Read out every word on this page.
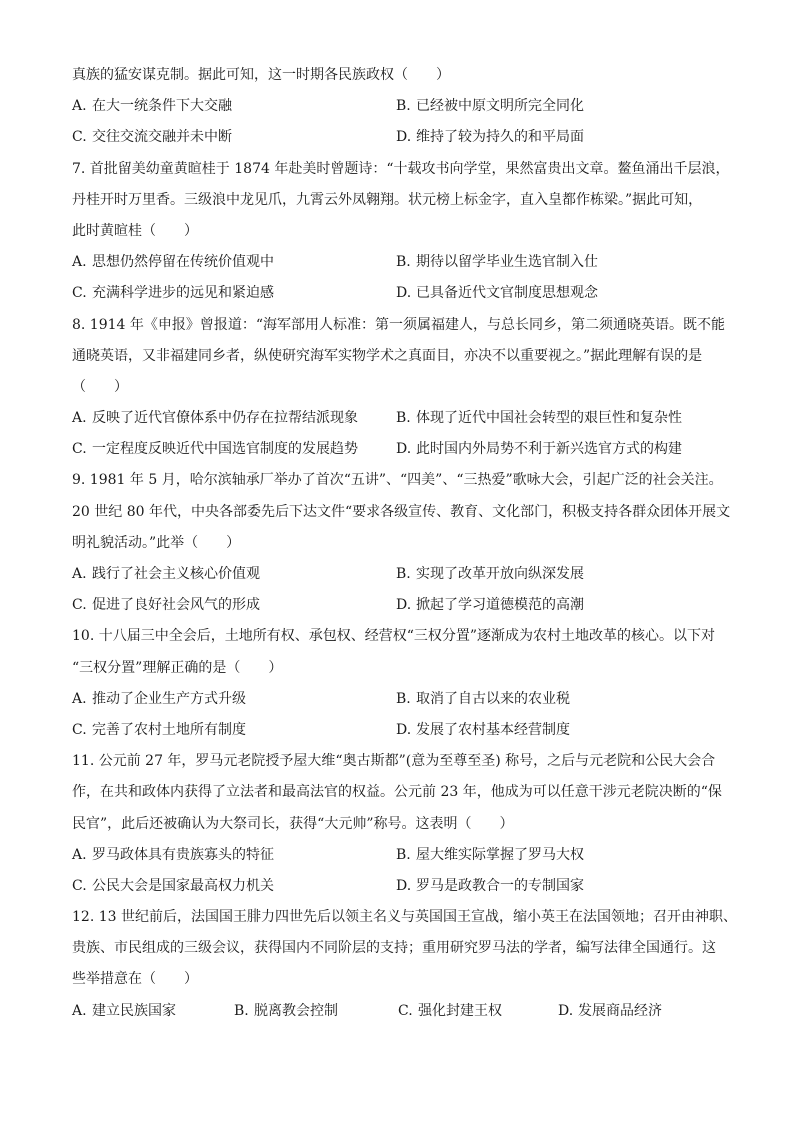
真族的猛安谋克制。据此可知，这一时期各民族政权（　　）
A. 在大一统条件下大交融	B. 已经被中原文明所完全同化
C. 交往交流交融并未中断	D. 维持了较为持久的和平局面
7. 首批留美幼童黄暄桂于 1874 年赴美时曾题诗：“十载攻书向学堂，果然富贵出文章。鳌鱼涌出千层浪，
丹桂开时万里香。三级浪中龙见爪，九霄云外凤翱翔。状元榜上标金字，直入皇都作栋梁。”据此可知，
此时黄暄桂（　　）
A. 思想仍然停留在传统价值观中	B. 期待以留学毕业生选官制入仕
C. 充满科学进步的远见和紧迫感	D. 已具备近代文官制度思想观念
8. 1914 年《申报》曾报道：“海军部用人标准：第一须属福建人，与总长同乡，第二须通晓英语。既不能
通晓英语，又非福建同乡者，纵使研究海军实物学术之真面目，亦决不以重要视之。”据此理解有误的是
（　　）
A. 反映了近代官僚体系中仍存在拉帮结派现象	B. 体现了近代中国社会转型的艰巨性和复杂性
C. 一定程度反映近代中国选官制度的发展趋势	D. 此时国内外局势不利于新兴选官方式的构建
9. 1981 年 5 月，哈尔滨轴承厂举办了首次“五讲”、“四美”、“三热爱”歌咏大会，引起广泛的社会关注。
20 世纪 80 年代，中央各部委先后下达文件“要求各级宣传、教育、文化部门，积极支持各群众团体开展文
明礼貌活动。”此举（　　）
A. 践行了社会主义核心价值观	B. 实现了改革开放向纵深发展
C. 促进了良好社会风气的形成	D. 掀起了学习道德模范的高潮
10. 十八届三中全会后，土地所有权、承包权、经营权“三权分置”逐渐成为农村土地改革的核心。以下对
“三权分置”理解正确的是（　　）
A. 推动了企业生产方式升级	B. 取消了自古以来的农业税
C. 完善了农村土地所有制度	D. 发展了农村基本经营制度
11. 公元前 27 年，罗马元老院授予屋大维“奥古斯都”(意为至尊至圣) 称号，之后与元老院和公民大会合
作，在共和政体内获得了立法者和最高法官的权益。公元前 23 年，他成为可以任意干涉元老院决断的“保
民官”，此后还被确认为大祭司长，获得“大元帅”称号。这表明（　　）
A. 罗马政体具有贵族寡头的特征	B. 屋大维实际掌握了罗马大权
C. 公民大会是国家最高权力机关	D. 罗马是政教合一的专制国家
12. 13 世纪前后，法国国王腓力四世先后以领主名义与英国国王宣战，缩小英王在法国领地；召开由神职、
贵族、市民组成的三级会议，获得国内不同阶层的支持；重用研究罗马法的学者，编写法律全国通行。这
些举措意在（　　）
A. 建立民族国家	B. 脱离教会控制	C. 强化封建王权	D. 发展商品经济
